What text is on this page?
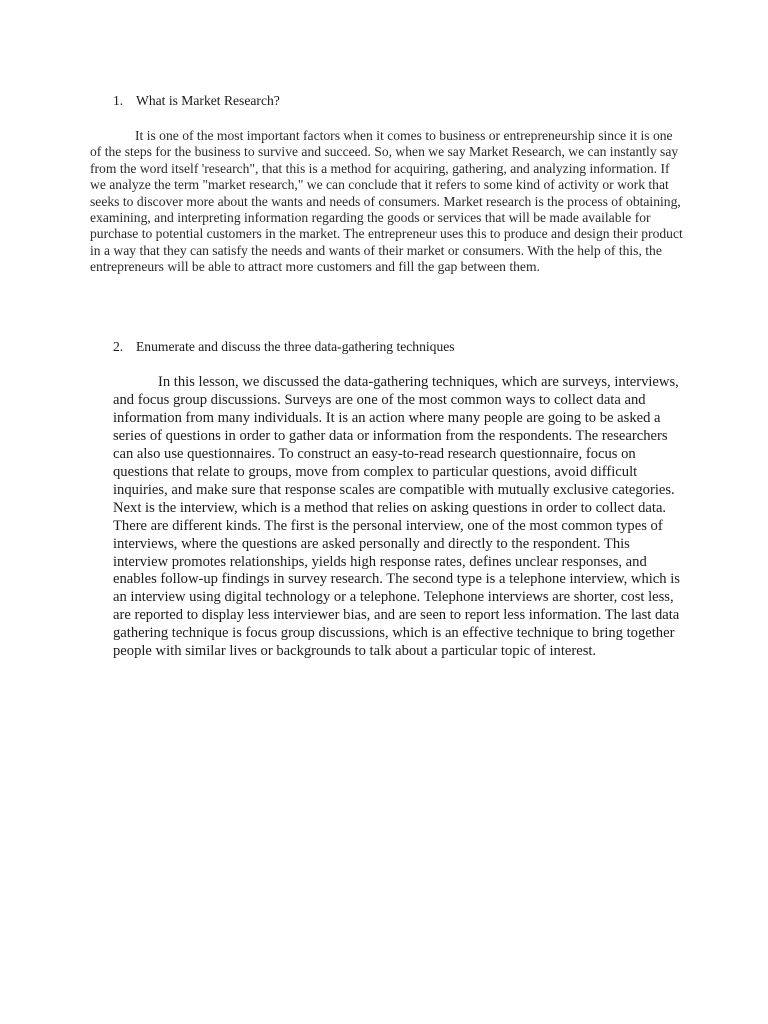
1. What is Market Research?

It is one of the most important factors when it comes to business or entrepreneurship since it is one of the steps for the business to survive and succeed. So, when we say Market Research, we can instantly say from the word itself 'research", that this is a method for acquiring, gathering, and analyzing information. If we analyze the term "market research," we can conclude that it refers to some kind of activity or work that seeks to discover more about the wants and needs of consumers. Market research is the process of obtaining, examining, and interpreting information regarding the goods or services that will be made available for purchase to potential customers in the market. The entrepreneur uses this to produce and design their product in a way that they can satisfy the needs and wants of their market or consumers. With the help of this, the entrepreneurs will be able to attract more customers and fill the gap between them.

2. Enumerate and discuss the three data-gathering techniques

In this lesson, we discussed the data-gathering techniques, which are surveys, interviews, and focus group discussions. Surveys are one of the most common ways to collect data and information from many individuals. It is an action where many people are going to be asked a series of questions in order to gather data or information from the respondents. The researchers can also use questionnaires. To construct an easy-to-read research questionnaire, focus on questions that relate to groups, move from complex to particular questions, avoid difficult inquiries, and make sure that response scales are compatible with mutually exclusive categories. Next is the interview, which is a method that relies on asking questions in order to collect data. There are different kinds. The first is the personal interview, one of the most common types of interviews, where the questions are asked personally and directly to the respondent. This interview promotes relationships, yields high response rates, defines unclear responses, and enables follow-up findings in survey research. The second type is a telephone interview, which is an interview using digital technology or a telephone. Telephone interviews are shorter, cost less, are reported to display less interviewer bias, and are seen to report less information. The last data gathering technique is focus group discussions, which is an effective technique to bring together people with similar lives or backgrounds to talk about a particular topic of interest.
